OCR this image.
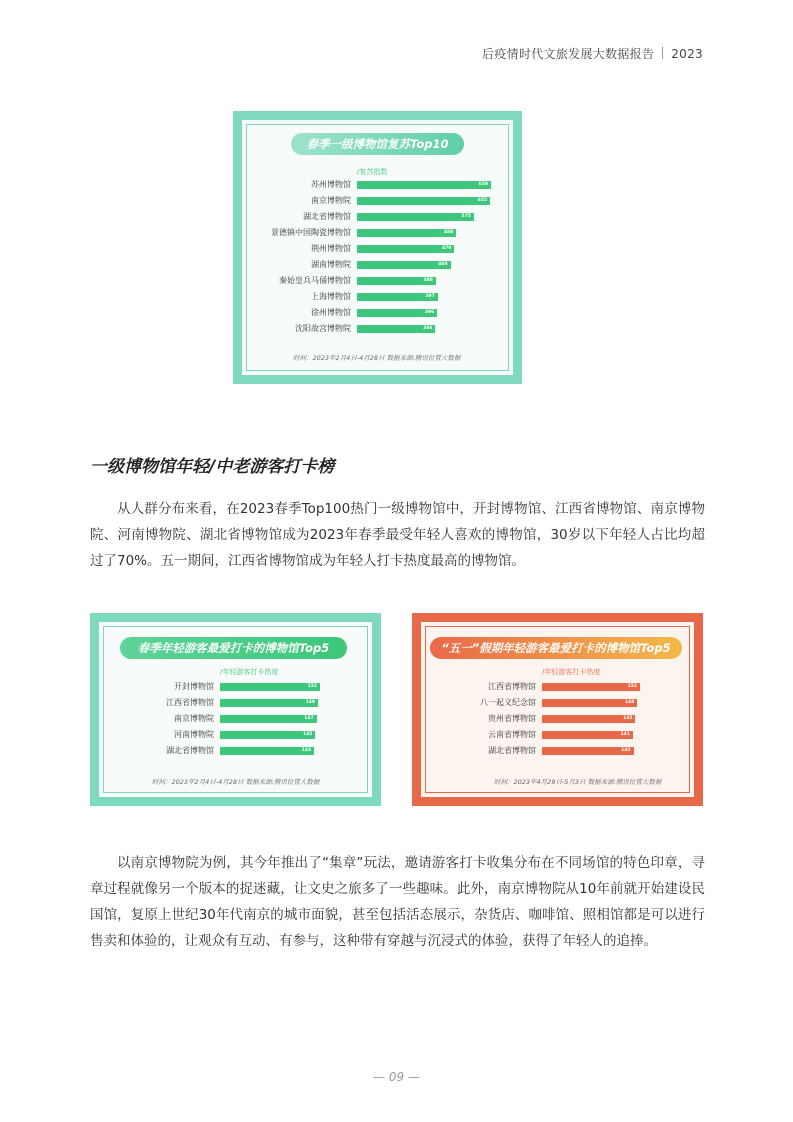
后疫情时代文旅发展大数据报告 2023
春季一级博物馆复苏Top10
/复苏指数
苏州博物馆	659
南京博物院	655
湖北省博物馆	575
景德镇中国陶瓷博物馆	488
荆州博物馆	479
湖南博物院	460
秦始皇兵马俑博物馆	388
上海博物馆	397
徐州博物馆	396
沈阳故宫博物院	386
时间：2023年2月4日-4月28日 数据来源:腾讯位置大数据
一级博物馆年轻/中老游客打卡榜
从人群分布来看，在2023春季Top100热门一级博物馆中，开封博物馆、江西省博物馆、南京博物院、河南博物院、湖北省博物馆成为2023年春季最受年轻人喜欢的博物馆，30岁以下年轻人占比均超过了70%。五一期间，江西省博物馆成为年轻人打卡热度最高的博物馆。
春季年轻游客最爱打卡的博物馆Top5
/年轻游客打卡热度
开封博物馆	152
江西省博物馆	149
南京博物院	147
河南博物院	145
湖北省博物馆	143
时间：2023年2月4日-4月28日 数据来源:腾讯位置大数据
“五一”假期年轻游客最爱打卡的博物馆Top5
/年轻游客打卡热度
江西省博物馆	152
八一起义纪念馆	148
贵州省博物馆	145
云南省博物馆	141
湖北省博物馆	142
时间：2023年4月29日-5月3日 数据来源:腾讯位置大数据
以南京博物院为例，其今年推出了“集章”玩法，邀请游客打卡收集分布在不同场馆的特色印章，寻章过程就像另一个版本的捉迷藏，让文史之旅多了一些趣味。此外，南京博物院从10年前就开始建设民国馆，复原上世纪30年代南京的城市面貌，甚至包括活态展示，杂货店、咖啡馆、照相馆都是可以进行售卖和体验的，让观众有互动、有参与，这种带有穿越与沉浸式的体验，获得了年轻人的追捧。
— 09 —
